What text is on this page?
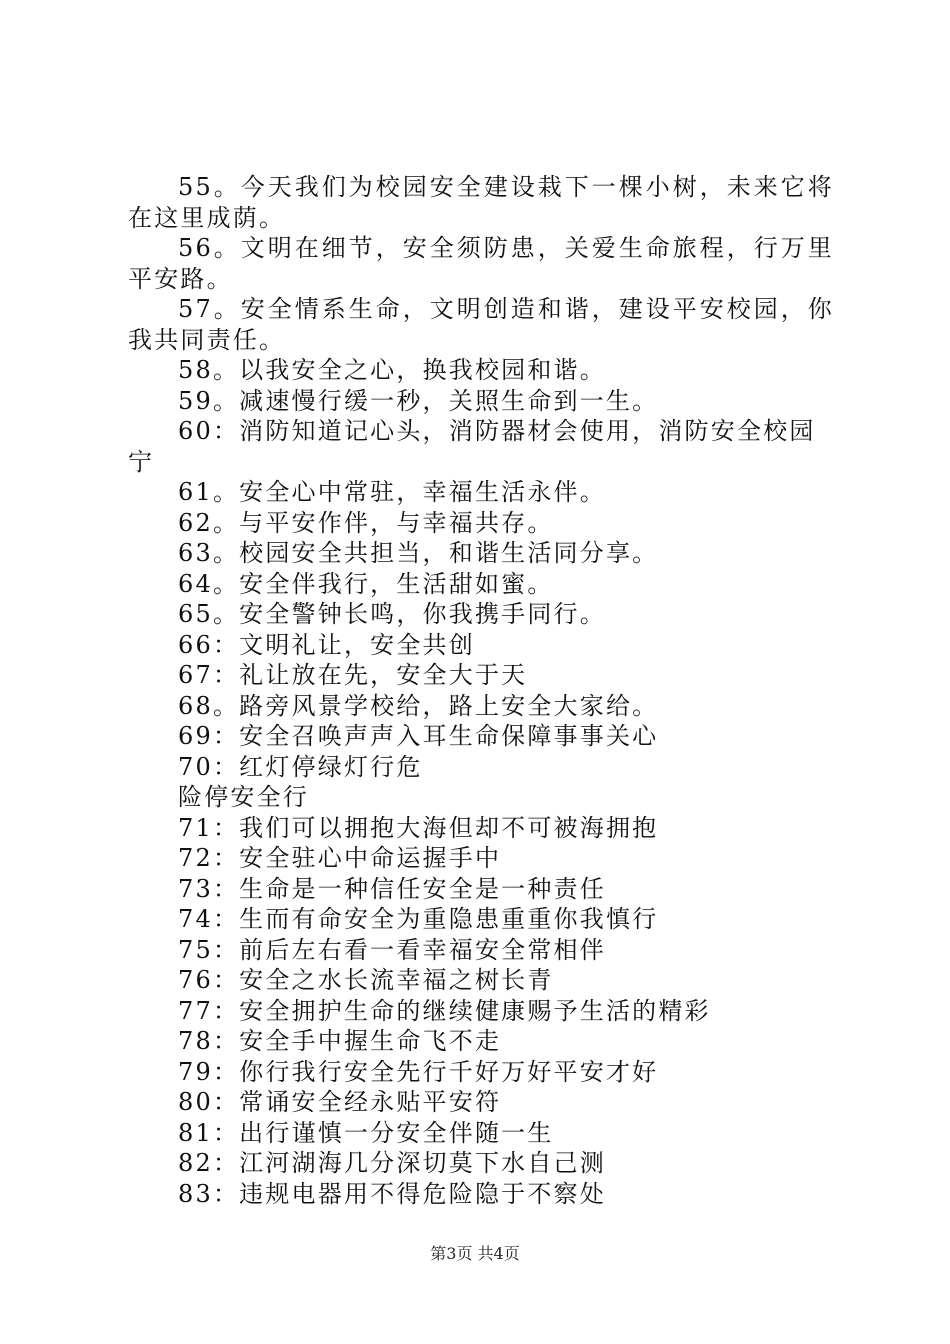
55。今天我们为校园安全建设栽下一棵小树，未来它将在这里成荫。

56。文明在细节，安全须防患，关爱生命旅程，行万里平安路。

57。安全情系生命，文明创造和谐，建设平安校园，你我共同责任。

58。以我安全之心，换我校园和谐。

59。减速慢行缓一秒，关照生命到一生。

60：消防知道记心头，消防器材会使用，消防安全校园宁

61。安全心中常驻，幸福生活永伴。

62。与平安作伴，与幸福共存。

63。校园安全共担当，和谐生活同分享。

64。安全伴我行，生活甜如蜜。

65。安全警钟长鸣，你我携手同行。

66：文明礼让，安全共创

67：礼让放在先，安全大于天

68。路旁风景学校给，路上安全大家给。

69：安全召唤声声入耳生命保障事事关心

70：红灯停绿灯行危

险停安全行

71：我们可以拥抱大海但却不可被海拥抱

72：安全驻心中命运握手中

73：生命是一种信任安全是一种责任

74：生而有命安全为重隐患重重你我慎行

75：前后左右看一看幸福安全常相伴

76：安全之水长流幸福之树长青

77：安全拥护生命的继续健康赐予生活的精彩

78：安全手中握生命飞不走

79：你行我行安全先行千好万好平安才好

80：常诵安全经永贴平安符

81：出行谨慎一分安全伴随一生

82：江河湖海几分深切莫下水自己测

83：违规电器用不得危险隐于不察处

第3页 共4页
